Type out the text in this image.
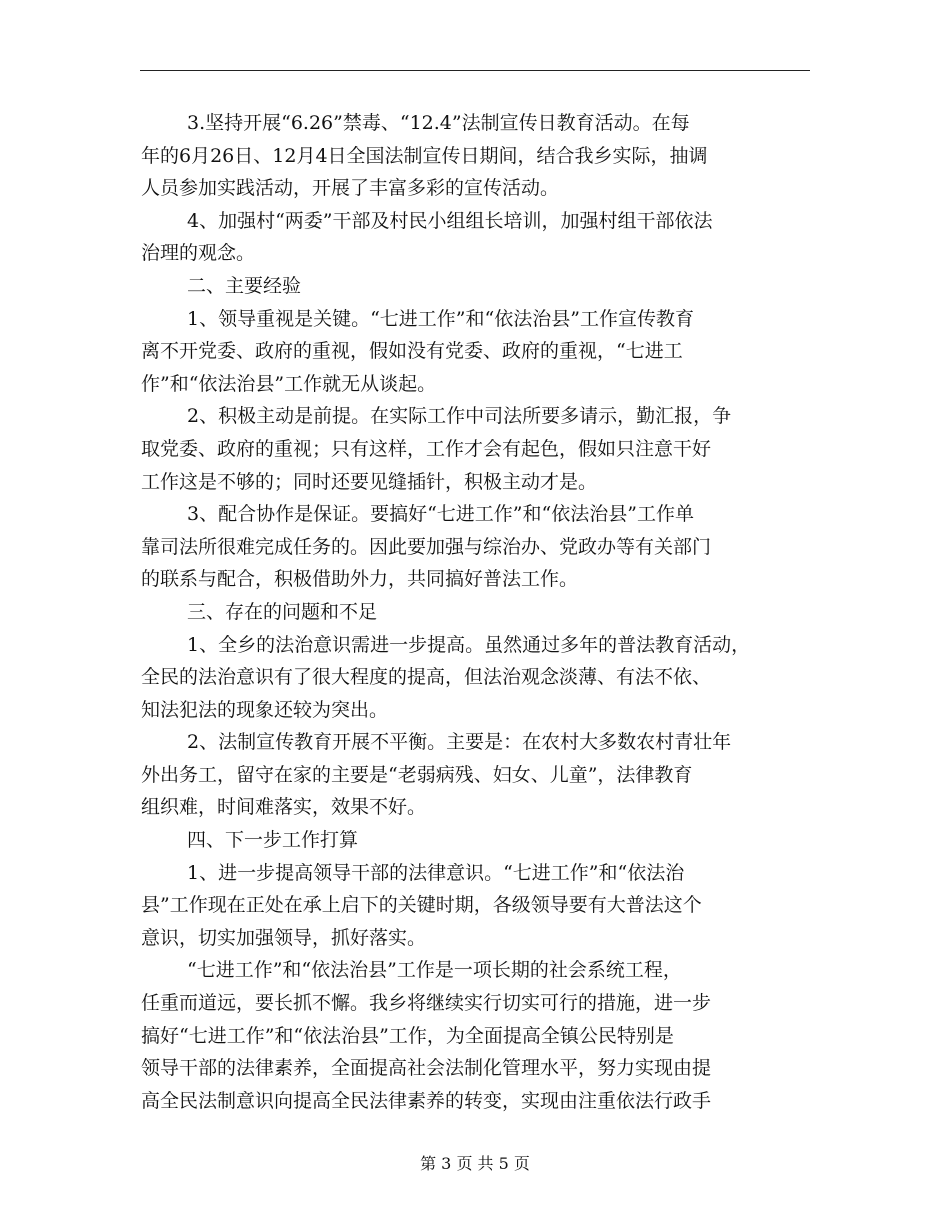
3.坚持开展“6.26”禁毒、“12.4”法制宣传日教育活动。在每
年的6月26日、12月4日全国法制宣传日期间，结合我乡实际，抽调
人员参加实践活动，开展了丰富多彩的宣传活动。
4、加强村“两委”干部及村民小组组长培训，加强村组干部依法
治理的观念。
二、主要经验
1、领导重视是关键。“七进工作”和“依法治县”工作宣传教育
离不开党委、政府的重视，假如没有党委、政府的重视，“七进工
作”和“依法治县”工作就无从谈起。
2、积极主动是前提。在实际工作中司法所要多请示，勤汇报，争
取党委、政府的重视；只有这样，工作才会有起色，假如只注意干好
工作这是不够的；同时还要见缝插针，积极主动才是。
3、配合协作是保证。要搞好“七进工作”和“依法治县”工作单
靠司法所很难完成任务的。因此要加强与综治办、党政办等有关部门
的联系与配合，积极借助外力，共同搞好普法工作。
三、存在的问题和不足
1、全乡的法治意识需进一步提高。虽然通过多年的普法教育活动，
全民的法治意识有了很大程度的提高，但法治观念淡薄、有法不依、
知法犯法的现象还较为突出。
2、法制宣传教育开展不平衡。主要是：在农村大多数农村青壮年
外出务工，留守在家的主要是“老弱病残、妇女、儿童”，法律教育
组织难，时间难落实，效果不好。
四、下一步工作打算
1、进一步提高领导干部的法律意识。“七进工作”和“依法治
县”工作现在正处在承上启下的关键时期，各级领导要有大普法这个
意识，切实加强领导，抓好落实。
“七进工作”和“依法治县”工作是一项长期的社会系统工程，
任重而道远，要长抓不懈。我乡将继续实行切实可行的措施，进一步
搞好“七进工作”和“依法治县”工作，为全面提高全镇公民特别是
领导干部的法律素养，全面提高社会法制化管理水平，努力实现由提
高全民法制意识向提高全民法律素养的转变，实现由注重依法行政手
第 3 页 共 5 页
